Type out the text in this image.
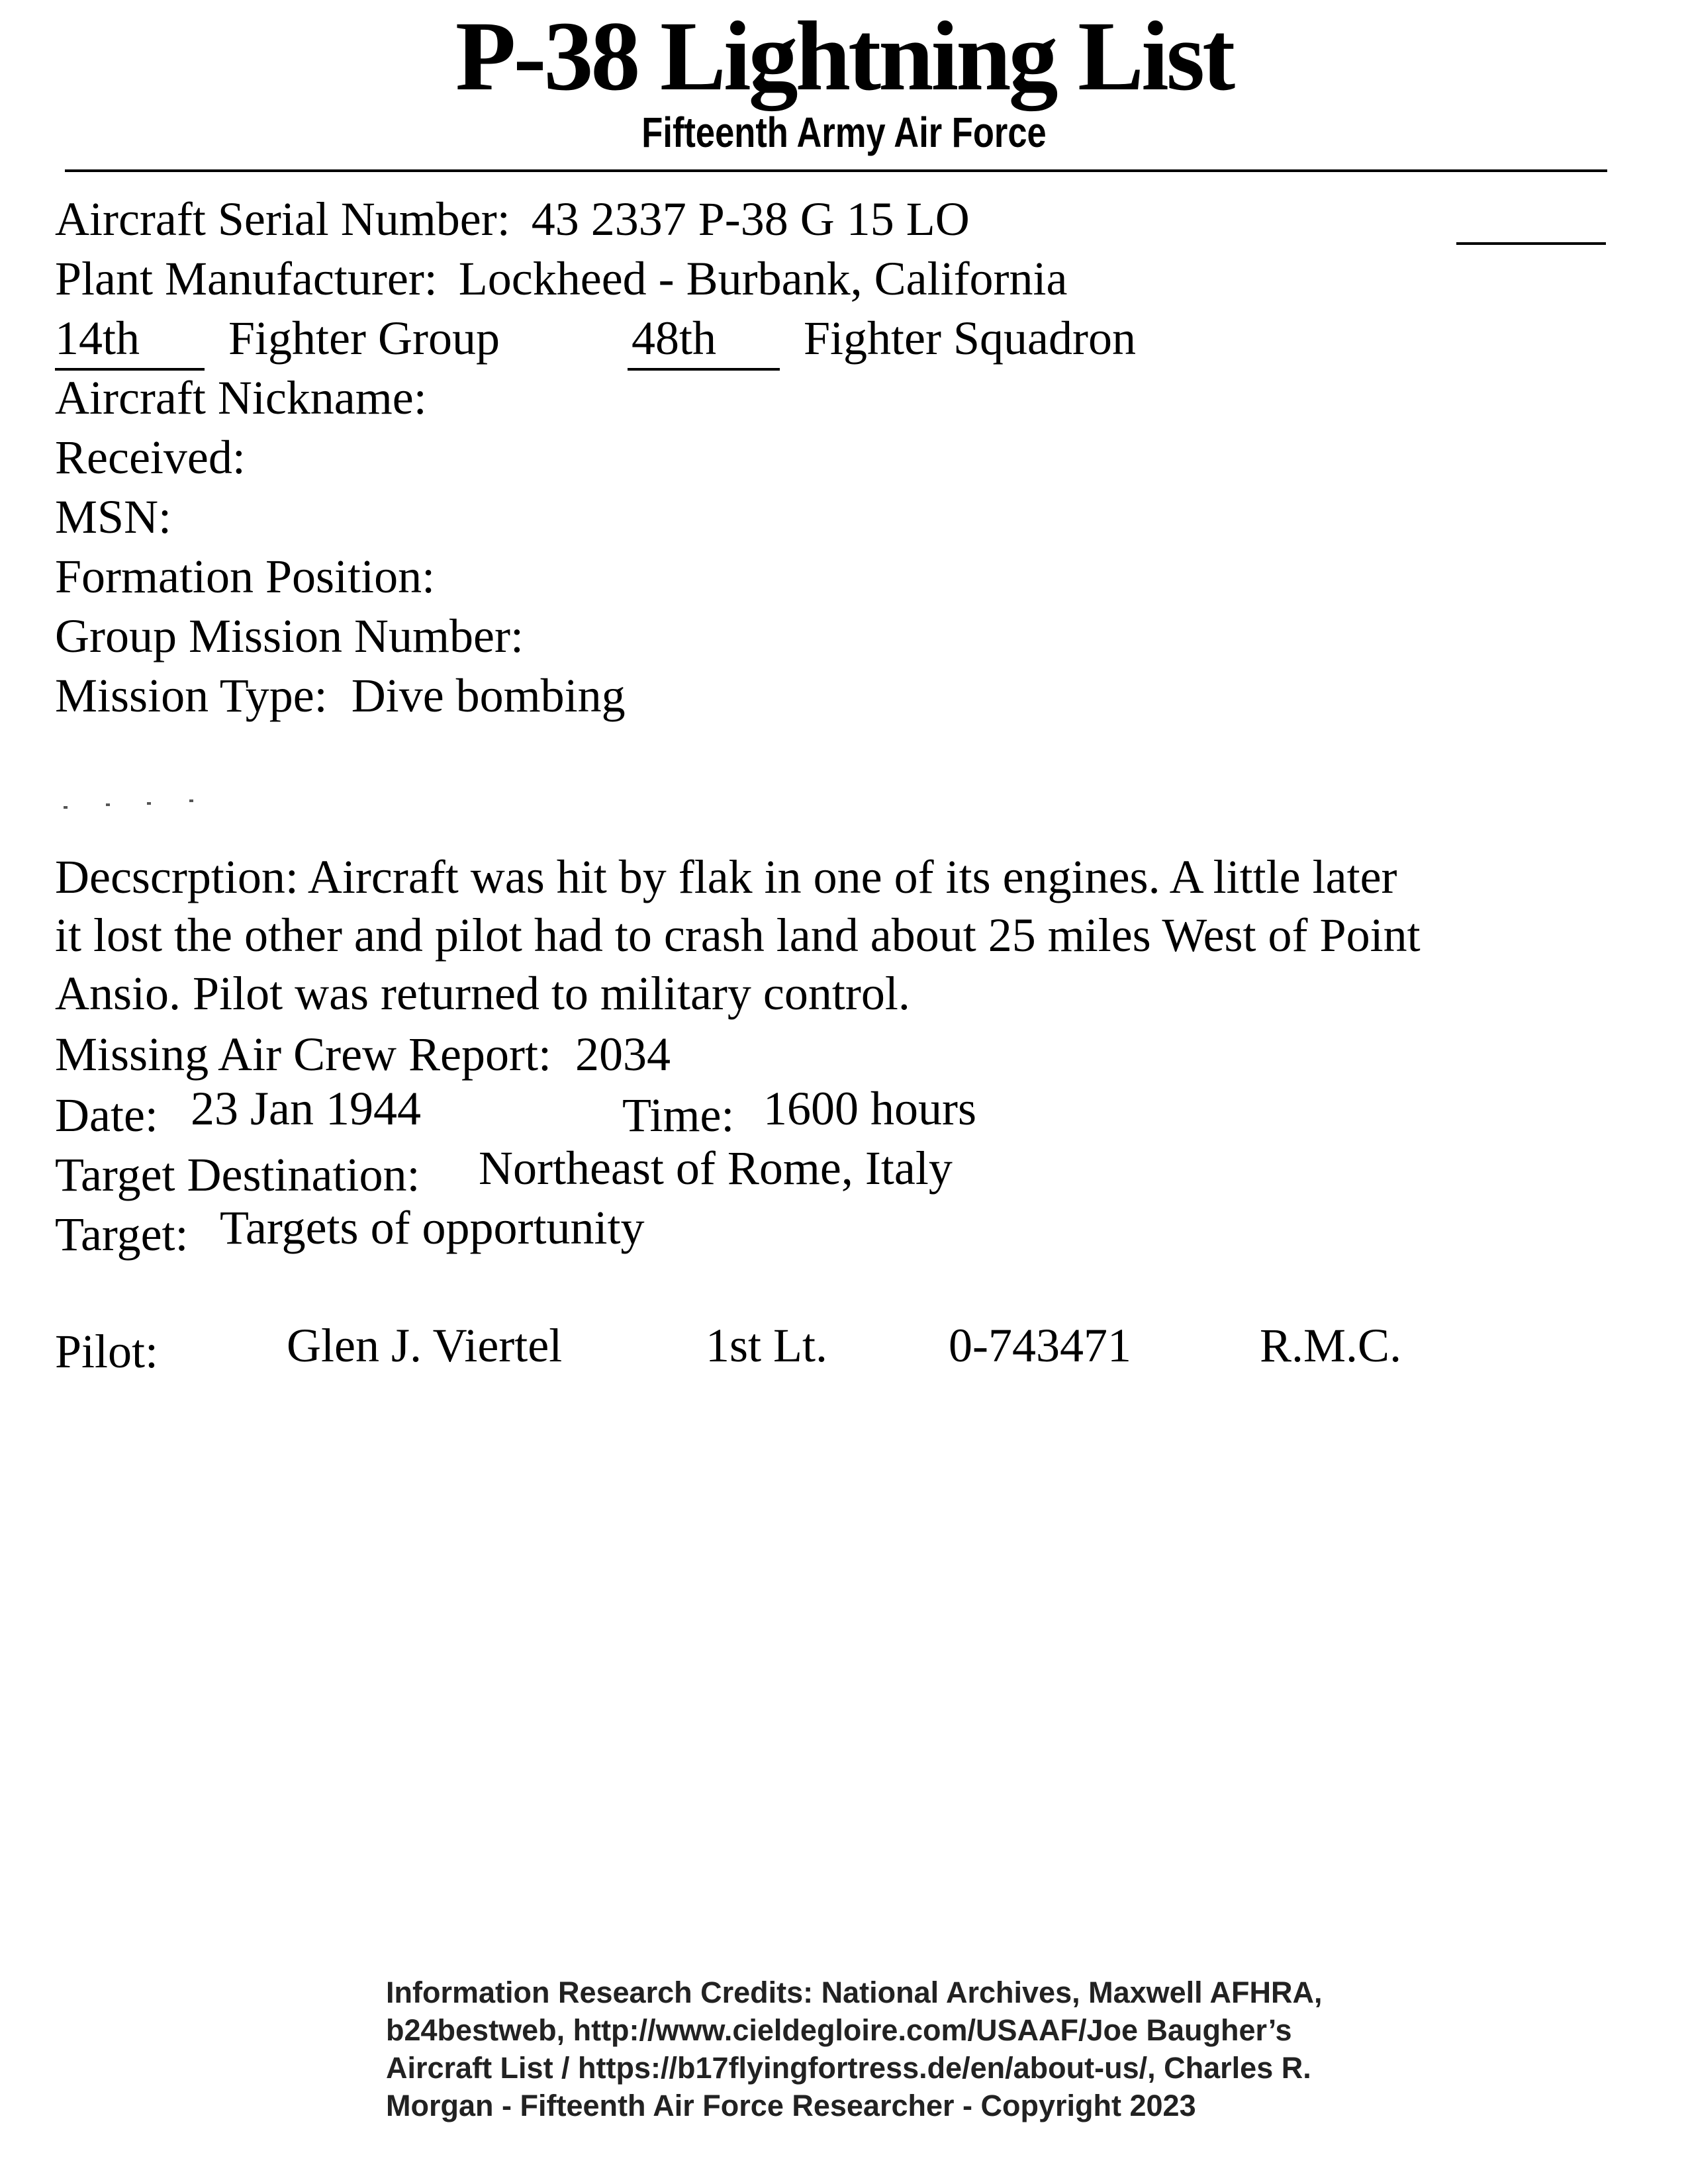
P-38 Lightning List
Fifteenth Army Air Force
Aircraft Serial Number: 43 2337 P-38 G 15 LO
Plant Manufacturer: Lockheed - Burbank, California
14th Fighter Group	48th Fighter Squadron
Aircraft Nickname:
Received:
MSN:
Formation Position:
Group Mission Number:
Mission Type: Dive bombing
Decscrption: Aircraft was hit by flak in one of its engines. A little later
it lost the other and pilot had to crash land about 25 miles West of Point
Ansio. Pilot was returned to military control.
Missing Air Crew Report: 2034
Date: 23 Jan 1944	Time: 1600 hours
Target Destination: Northeast of Rome, Italy
Target: Targets of opportunity
Pilot:	Glen J. Viertel	1st Lt.	0-743471	R.M.C.
Information Research Credits: National Archives, Maxwell AFHRA,
b24bestweb, http://www.cieldegloire.com/USAAF/Joe Baugher’s
Aircraft List / https://b17flyingfortress.de/en/about-us/, Charles R.
Morgan - Fifteenth Air Force Researcher - Copyright 2023
